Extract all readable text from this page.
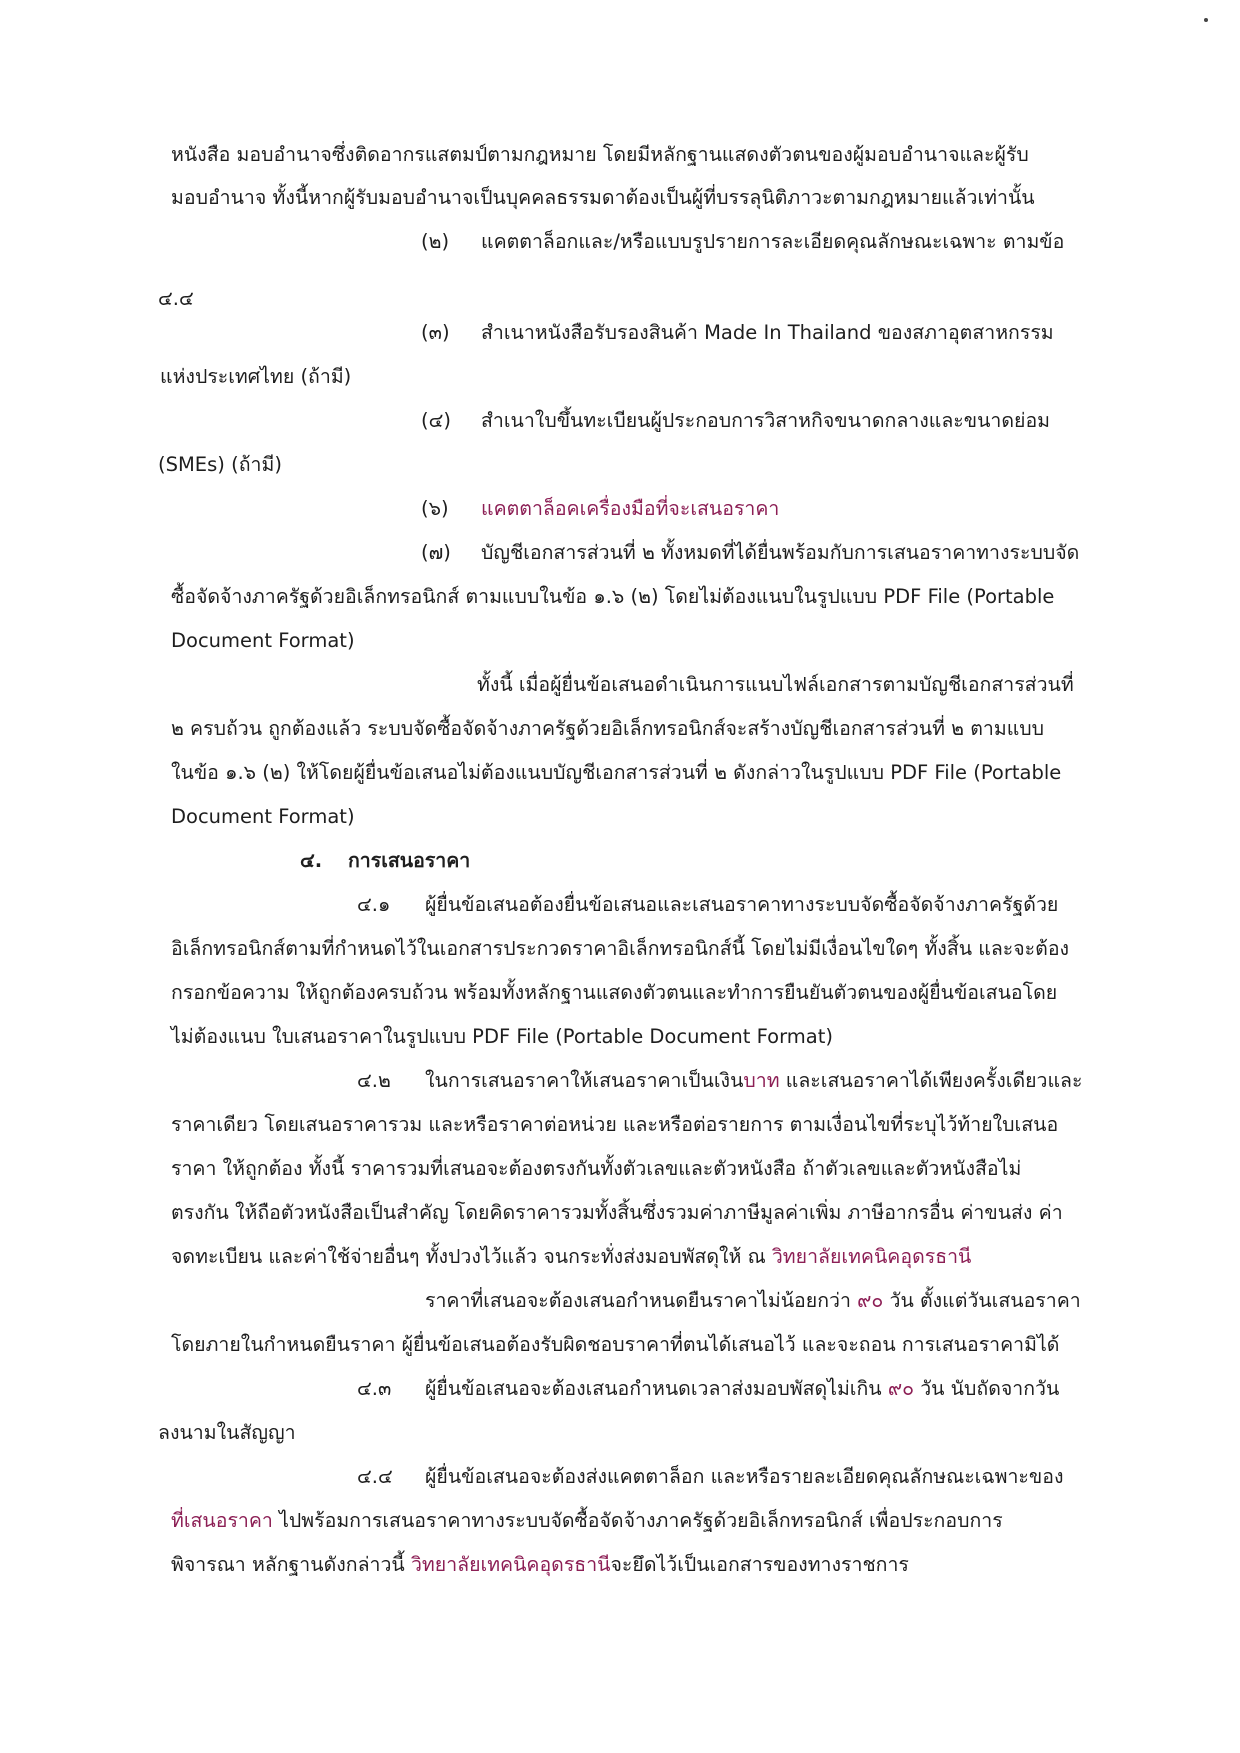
หนังสือ มอบอำนาจซึ่งติดอากรแสตมป์ตามกฎหมาย โดยมีหลักฐานแสดงตัวตนของผู้มอบอำนาจและผู้รับ
มอบอำนาจ ทั้งนี้หากผู้รับมอบอำนาจเป็นบุคคลธรรมดาต้องเป็นผู้ที่บรรลุนิติภาวะตามกฎหมายแล้วเท่านั้น
(๒) แคตตาล็อกและ/หรือแบบรูปรายการละเอียดคุณลักษณะเฉพาะ ตามข้อ
๔.๔
(๓) สำเนาหนังสือรับรองสินค้า Made In Thailand ของสภาอุตสาหกรรม
แห่งประเทศไทย (ถ้ามี)
(๔) สำเนาใบขึ้นทะเบียนผู้ประกอบการวิสาหกิจขนาดกลางและขนาดย่อม
(SMEs) (ถ้ามี)
(๖) แคตตาล็อคเครื่องมือที่จะเสนอราคา
(๗) บัญชีเอกสารส่วนที่ ๒ ทั้งหมดที่ได้ยื่นพร้อมกับการเสนอราคาทางระบบจัด
ซื้อจัดจ้างภาครัฐด้วยอิเล็กทรอนิกส์ ตามแบบในข้อ ๑.๖ (๒) โดยไม่ต้องแนบในรูปแบบ PDF File (Portable
Document Format)
ทั้งนี้ เมื่อผู้ยื่นข้อเสนอดำเนินการแนบไฟล์เอกสารตามบัญชีเอกสารส่วนที่
๒ ครบถ้วน ถูกต้องแล้ว ระบบจัดซื้อจัดจ้างภาครัฐด้วยอิเล็กทรอนิกส์จะสร้างบัญชีเอกสารส่วนที่ ๒ ตามแบบ
ในข้อ ๑.๖ (๒) ให้โดยผู้ยื่นข้อเสนอไม่ต้องแนบบัญชีเอกสารส่วนที่ ๒ ดังกล่าวในรูปแบบ PDF File (Portable
Document Format)
๔. การเสนอราคา
๔.๑ ผู้ยื่นข้อเสนอต้องยื่นข้อเสนอและเสนอราคาทางระบบจัดซื้อจัดจ้างภาครัฐด้วย
อิเล็กทรอนิกส์ตามที่กำหนดไว้ในเอกสารประกวดราคาอิเล็กทรอนิกส์นี้ โดยไม่มีเงื่อนไขใดๆ ทั้งสิ้น และจะต้อง
กรอกข้อความ ให้ถูกต้องครบถ้วน พร้อมทั้งหลักฐานแสดงตัวตนและทำการยืนยันตัวตนของผู้ยื่นข้อเสนอโดย
ไม่ต้องแนบ ใบเสนอราคาในรูปแบบ PDF File (Portable Document Format)
๔.๒ ในการเสนอราคาให้เสนอราคาเป็นเงินบาท และเสนอราคาได้เพียงครั้งเดียวและ
ราคาเดียว โดยเสนอราคารวม และหรือราคาต่อหน่วย และหรือต่อรายการ ตามเงื่อนไขที่ระบุไว้ท้ายใบเสนอ
ราคา ให้ถูกต้อง ทั้งนี้ ราคารวมที่เสนอจะต้องตรงกันทั้งตัวเลขและตัวหนังสือ ถ้าตัวเลขและตัวหนังสือไม่
ตรงกัน ให้ถือตัวหนังสือเป็นสำคัญ โดยคิดราคารวมทั้งสิ้นซึ่งรวมค่าภาษีมูลค่าเพิ่ม ภาษีอากรอื่น ค่าขนส่ง ค่า
จดทะเบียน และค่าใช้จ่ายอื่นๆ ทั้งปวงไว้แล้ว จนกระทั่งส่งมอบพัสดุให้ ณ วิทยาลัยเทคนิคอุดรธานี
ราคาที่เสนอจะต้องเสนอกำหนดยืนราคาไม่น้อยกว่า ๙๐ วัน ตั้งแต่วันเสนอราคา
โดยภายในกำหนดยืนราคา ผู้ยื่นข้อเสนอต้องรับผิดชอบราคาที่ตนได้เสนอไว้ และจะถอน การเสนอราคามิได้
๔.๓ ผู้ยื่นข้อเสนอจะต้องเสนอกำหนดเวลาส่งมอบพัสดุไม่เกิน ๙๐ วัน นับถัดจากวัน
ลงนามในสัญญา
๔.๔ ผู้ยื่นข้อเสนอจะต้องส่งแคตตาล็อก และหรือรายละเอียดคุณลักษณะเฉพาะของ
ที่เสนอราคา ไปพร้อมการเสนอราคาทางระบบจัดซื้อจัดจ้างภาครัฐด้วยอิเล็กทรอนิกส์ เพื่อประกอบการ
พิจารณา หลักฐานดังกล่าวนี้ วิทยาลัยเทคนิคอุดรธานีจะยึดไว้เป็นเอกสารของทางราชการ
